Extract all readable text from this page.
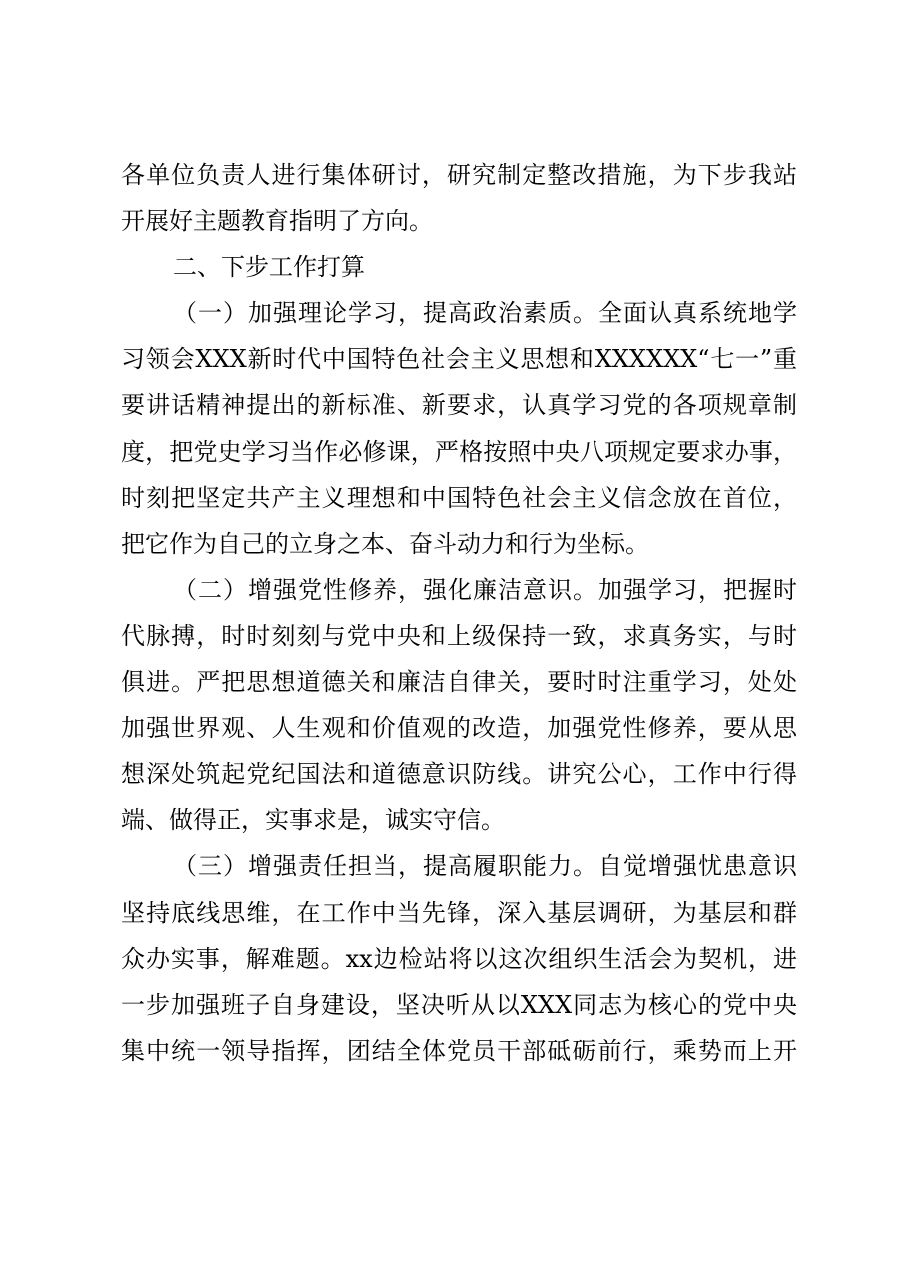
各单位负责人进行集体研讨，研究制定整改措施，为下步我站
开展好主题教育指明了方向。
二、下步工作打算
（一）加强理论学习，提高政治素质。全面认真系统地学
习领会XXX新时代中国特色社会主义思想和XXXXXX“七一”重
要讲话精神提出的新标准、新要求，认真学习党的各项规章制
度，把党史学习当作必修课，严格按照中央八项规定要求办事，
时刻把坚定共产主义理想和中国特色社会主义信念放在首位，
把它作为自己的立身之本、奋斗动力和行为坐标。
（二）增强党性修养，强化廉洁意识。加强学习，把握时
代脉搏，时时刻刻与党中央和上级保持一致，求真务实，与时
俱进。严把思想道德关和廉洁自律关，要时时注重学习，处处
加强世界观、人生观和价值观的改造，加强党性修养，要从思
想深处筑起党纪国法和道德意识防线。讲究公心，工作中行得
端、做得正，实事求是，诚实守信。
（三）增强责任担当，提高履职能力。自觉增强忧患意识
坚持底线思维，在工作中当先锋，深入基层调研，为基层和群
众办实事，解难题。xx边检站将以这次组织生活会为契机，进
一步加强班子自身建设，坚决听从以XXX同志为核心的党中央
集中统一领导指挥，团结全体党员干部砥砺前行，乘势而上开
